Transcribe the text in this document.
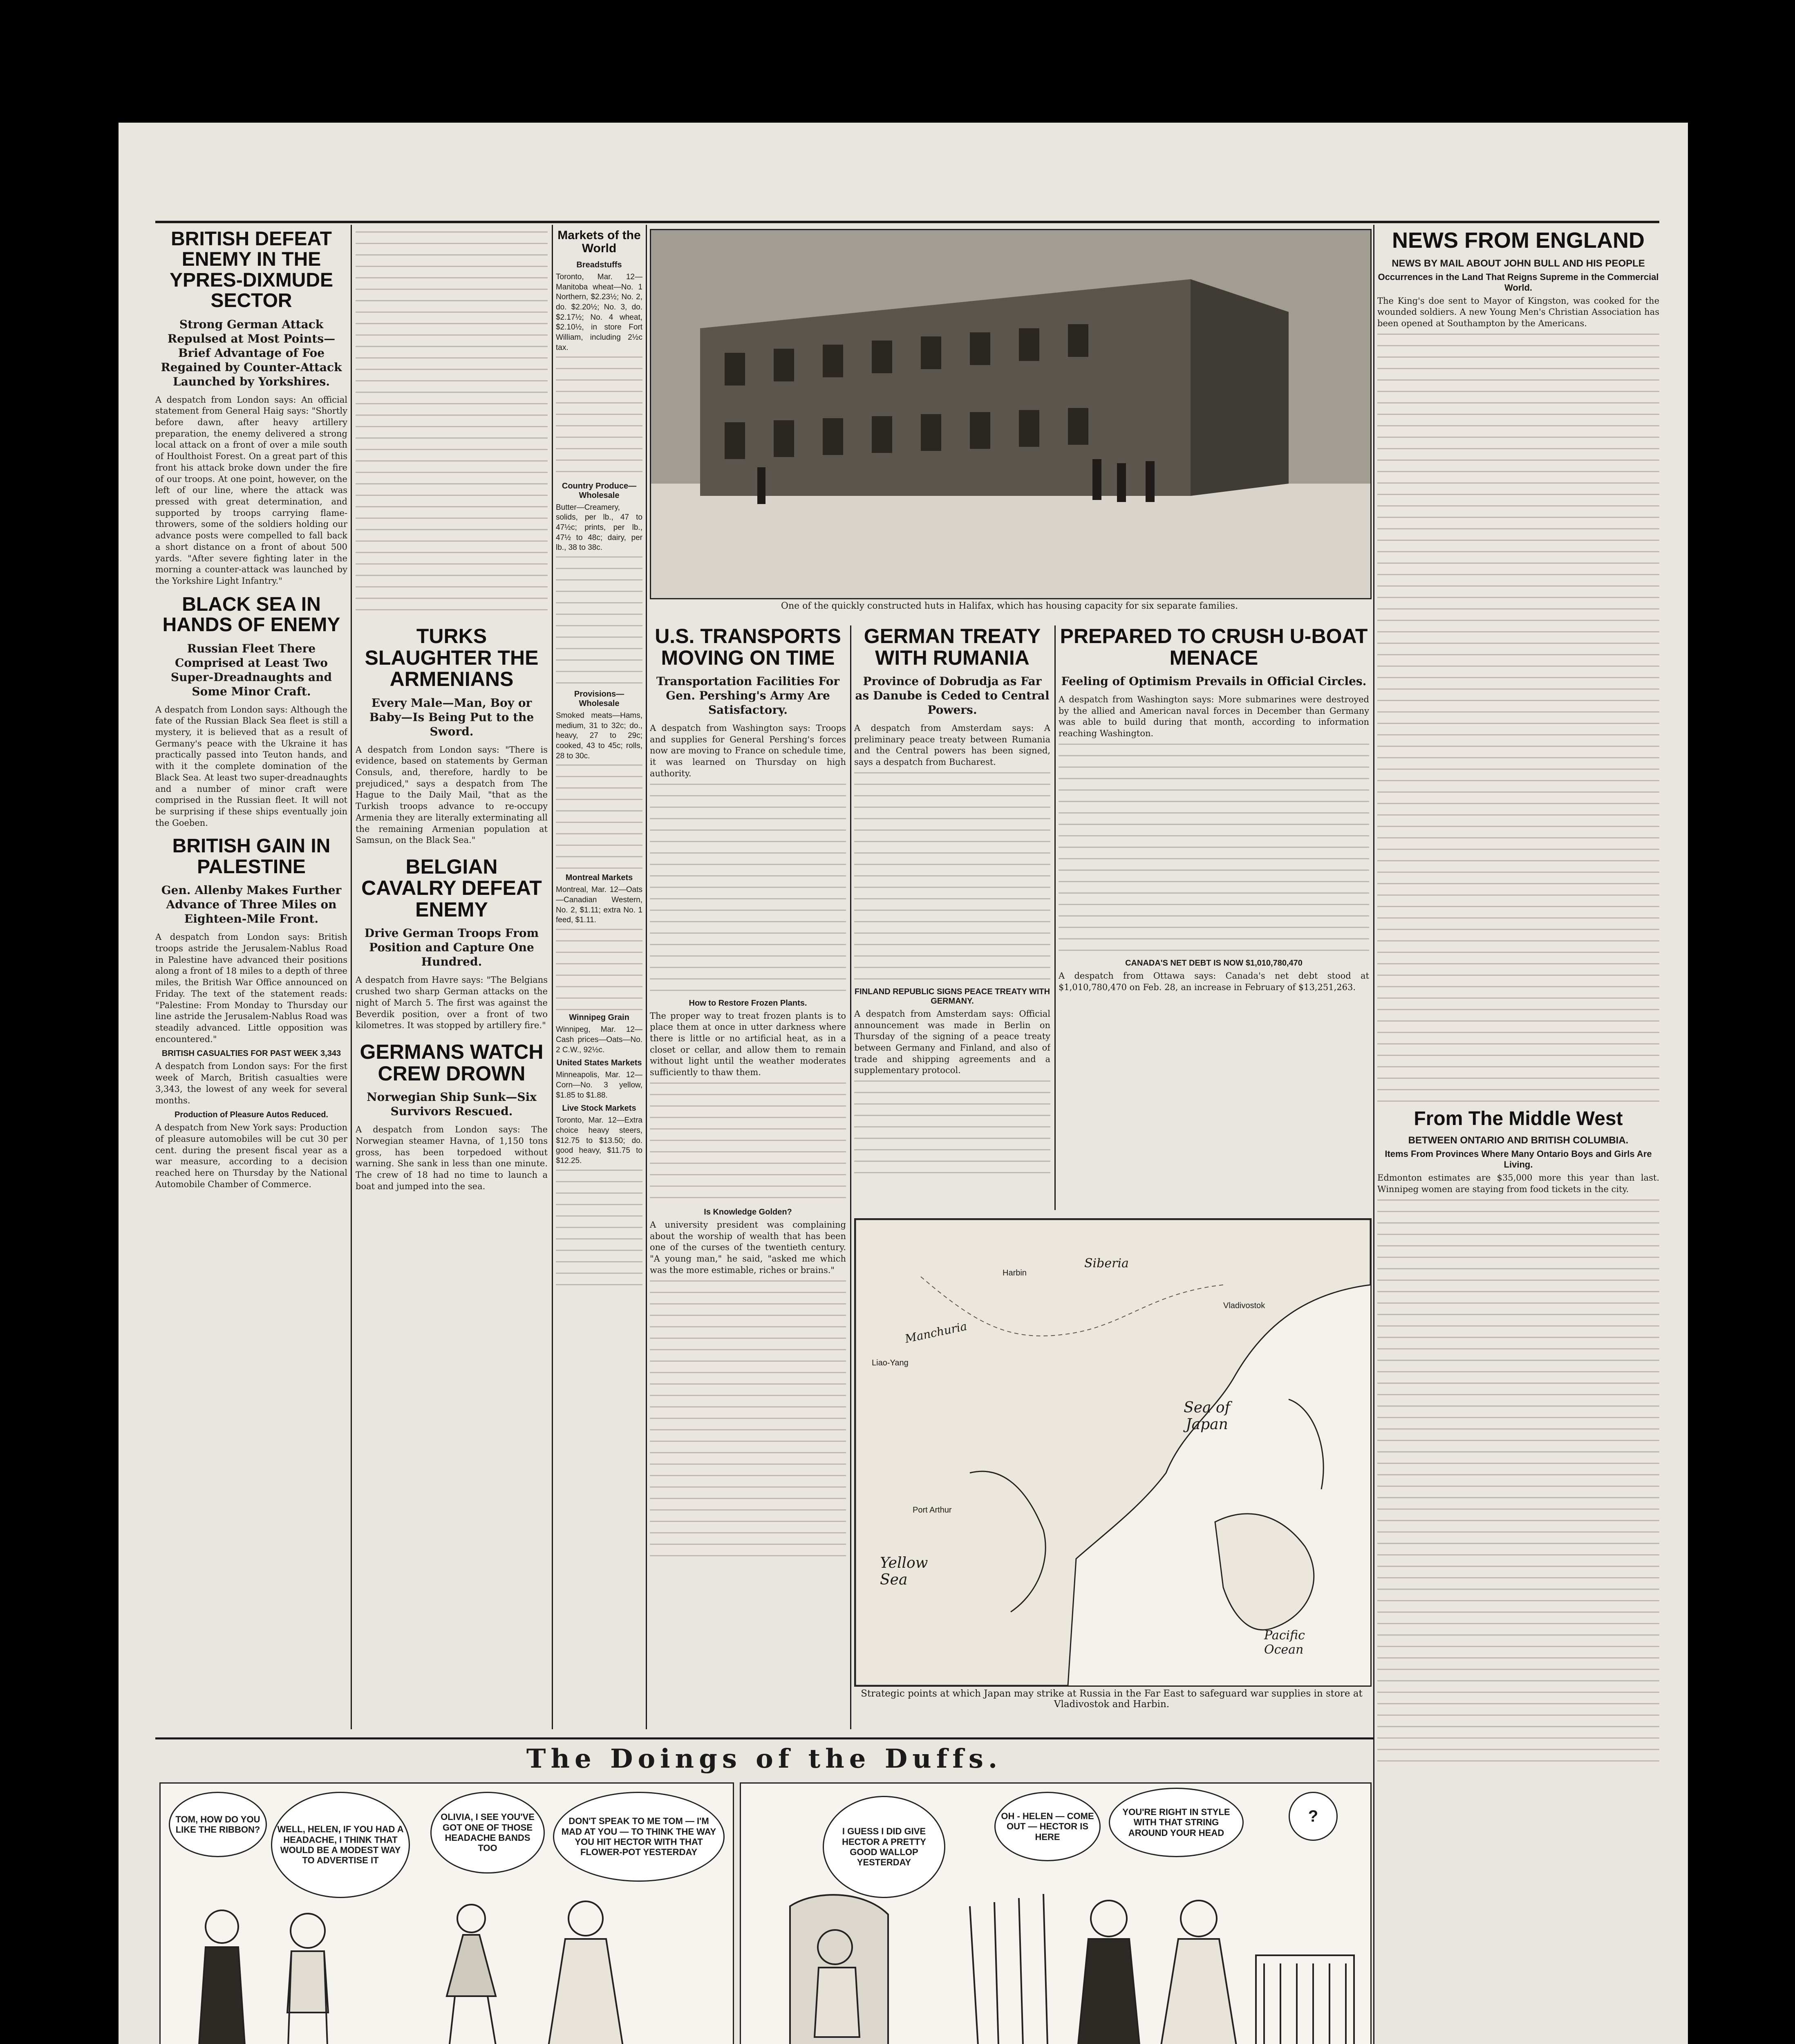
BRITISH DEFEAT ENEMY IN THE YPRES-DIXMUDE SECTOR
Strong German Attack Repulsed at Most Points—Brief Advantage of Foe Regained by Counter-Attack Launched by Yorkshires.
A despatch from London says: An official statement from General Haig says: "Shortly before dawn, after heavy artillery preparation, the enemy delivered a strong local attack on a front of over a mile south of Houlthoist Forest. On a great part of this front his attack broke down under the fire of our troops. At one point, however, on the left of our line, where the attack was pressed with great determination, and supported by troops carrying flame-throwers, some of the soldiers holding our advance posts were compelled to fall back a short distance on a front of about 500 yards. "After severe fighting later in the morning a counter-attack was launched by the Yorkshire Light Infantry."
BLACK SEA IN HANDS OF ENEMY
Russian Fleet There Comprised at Least Two Super-Dreadnaughts and Some Minor Craft.
A despatch from London says: Although the fate of the Russian Black Sea fleet is still a mystery, it is believed that as a result of Germany's peace with the Ukraine it has practically passed into Teuton hands, and with it the complete domination of the Black Sea. At least two super-dreadnaughts and a number of minor craft were comprised in the Russian fleet. It will not be surprising if these ships eventually join the Goeben.
BRITISH GAIN IN PALESTINE
Gen. Allenby Makes Further Advance of Three Miles on Eighteen-Mile Front.
A despatch from London says: British troops astride the Jerusalem-Nablus Road in Palestine have advanced their positions along a front of 18 miles to a depth of three miles, the British War Office announced on Friday. The text of the statement reads: "Palestine: From Monday to Thursday our line astride the Jerusalem-Nablus Road was steadily advanced. Little opposition was encountered."
BRITISH CASUALTIES FOR PAST WEEK 3,343
A despatch from London says: For the first week of March, British casualties were 3,343, the lowest of any week for several months.
Production of Pleasure Autos Reduced.
A despatch from New York says: Production of pleasure automobiles will be cut 30 per cent. during the present fiscal year as a war measure, according to a decision reached here on Thursday by the National Automobile Chamber of Commerce.
TURKS SLAUGHTER THE ARMENIANS
Every Male—Man, Boy or Baby—Is Being Put to the Sword.
A despatch from London says: "There is evidence, based on statements by German Consuls, and, therefore, hardly to be prejudiced," says a despatch from The Hague to the Daily Mail, "that as the Turkish troops advance to re-occupy Armenia they are literally exterminating all the remaining Armenian population at Samsun, on the Black Sea."
BELGIAN CAVALRY DEFEAT ENEMY
Drive German Troops From Position and Capture One Hundred.
A despatch from Havre says: "The Belgians crushed two sharp German attacks on the night of March 5. The first was against the Beverdik position, over a front of two kilometres. It was stopped by artillery fire."
GERMANS WATCH CREW DROWN
Norwegian Ship Sunk—Six Survivors Rescued.
A despatch from London says: The Norwegian steamer Havna, of 1,150 tons gross, has been torpedoed without warning. She sank in less than one minute. The crew of 18 had no time to launch a boat and jumped into the sea.
Markets of the World
Breadstuffs
Toronto, Mar. 12—Manitoba wheat—No. 1 Northern, $2.23½; No. 2, do. $2.20½; No. 3, do. $2.17½; No. 4 wheat, $2.10½, in store Fort William, including 2½c tax.
Country Produce—Wholesale
Butter—Creamery, solids, per lb., 47 to 47½c; prints, per lb., 47½ to 48c; dairy, per lb., 38 to 38c.
Provisions—Wholesale
Smoked meats—Hams, medium, 31 to 32c; do., heavy, 27 to 29c; cooked, 43 to 45c; rolls, 28 to 30c.
Montreal Markets
Montreal, Mar. 12—Oats—Canadian Western, No. 2, $1.11; extra No. 1 feed, $1.11.
Winnipeg Grain
Winnipeg, Mar. 12—Cash prices—Oats—No. 2 C.W., 92½c.
United States Markets
Minneapolis, Mar. 12—Corn—No. 3 yellow, $1.85 to $1.88.
Live Stock Markets
Toronto, Mar. 12—Extra choice heavy steers, $12.75 to $13.50; do. good heavy, $11.75 to $12.25.
One of the quickly constructed huts in Halifax, which has housing capacity for six separate families.
U.S. TRANSPORTS MOVING ON TIME
Transportation Facilities For Gen. Pershing's Army Are Satisfactory.
A despatch from Washington says: Troops and supplies for General Pershing's forces now are moving to France on schedule time, it was learned on Thursday on high authority.
How to Restore Frozen Plants.
The proper way to treat frozen plants is to place them at once in utter darkness where there is little or no artificial heat, as in a closet or cellar, and allow them to remain without light until the weather moderates sufficiently to thaw them.
Is Knowledge Golden?
A university president was complaining about the worship of wealth that has been one of the curses of the twentieth century. "A young man," he said, "asked me which was the more estimable, riches or brains."
GERMAN TREATY WITH RUMANIA
Province of Dobrudja as Far as Danube is Ceded to Central Powers.
A despatch from Amsterdam says: A preliminary peace treaty between Rumania and the Central powers has been signed, says a despatch from Bucharest.
FINLAND REPUBLIC SIGNS PEACE TREATY WITH GERMANY.
A despatch from Amsterdam says: Official announcement was made in Berlin on Thursday of the signing of a peace treaty between Germany and Finland, and also of trade and shipping agreements and a supplementary protocol.
PREPARED TO CRUSH U-BOAT MENACE
Feeling of Optimism Prevails in Official Circles.
A despatch from Washington says: More submarines were destroyed by the allied and American naval forces in December than Germany was able to build during that month, according to information reaching Washington.
CANADA'S NET DEBT IS NOW $1,010,780,470
A despatch from Ottawa says: Canada's net debt stood at $1,010,780,470 on Feb. 28, an increase in February of $13,251,263.
Siberia
Manchuria
Sea of Japan
Yellow Sea
Pacific Ocean
Vladivostok
Harbin
Port Arthur
Liao-Yang
Strategic points at which Japan may strike at Russia in the Far East to safeguard war supplies in store at Vladivostok and Harbin.
NEWS FROM ENGLAND
NEWS BY MAIL ABOUT JOHN BULL AND HIS PEOPLE
Occurrences in the Land That Reigns Supreme in the Commercial World.
The King's doe sent to Mayor of Kingston, was cooked for the wounded soldiers. A new Young Men's Christian Association has been opened at Southampton by the Americans.
From The Middle West
BETWEEN ONTARIO AND BRITISH COLUMBIA.
Items From Provinces Where Many Ontario Boys and Girls Are Living.
Edmonton estimates are $35,000 more this year than last. Winnipeg women are staying from food tickets in the city.
The Doings of the Duffs.
TOM, HOW DO YOU LIKE THE RIBBON?	WELL, HELEN, IF YOU HAD A HEADACHE, I THINK THAT WOULD BE A MODEST WAY TO ADVERTISE IT
OLIVIA, I SEE YOU'VE GOT ONE OF THOSE HEADACHE BANDS TOO
DON'T SPEAK TO ME TOM — I'M MAD AT YOU — TO THINK THE WAY YOU HIT HECTOR WITH THAT FLOWER-POT YESTERDAY
I GUESS I DID GIVE HECTOR A PRETTY GOOD WALLOP YESTERDAY
OH - HELEN — COME OUT — HECTOR IS HERE
YOU'RE RIGHT IN STYLE WITH THAT STRING AROUND YOUR HEAD
?
